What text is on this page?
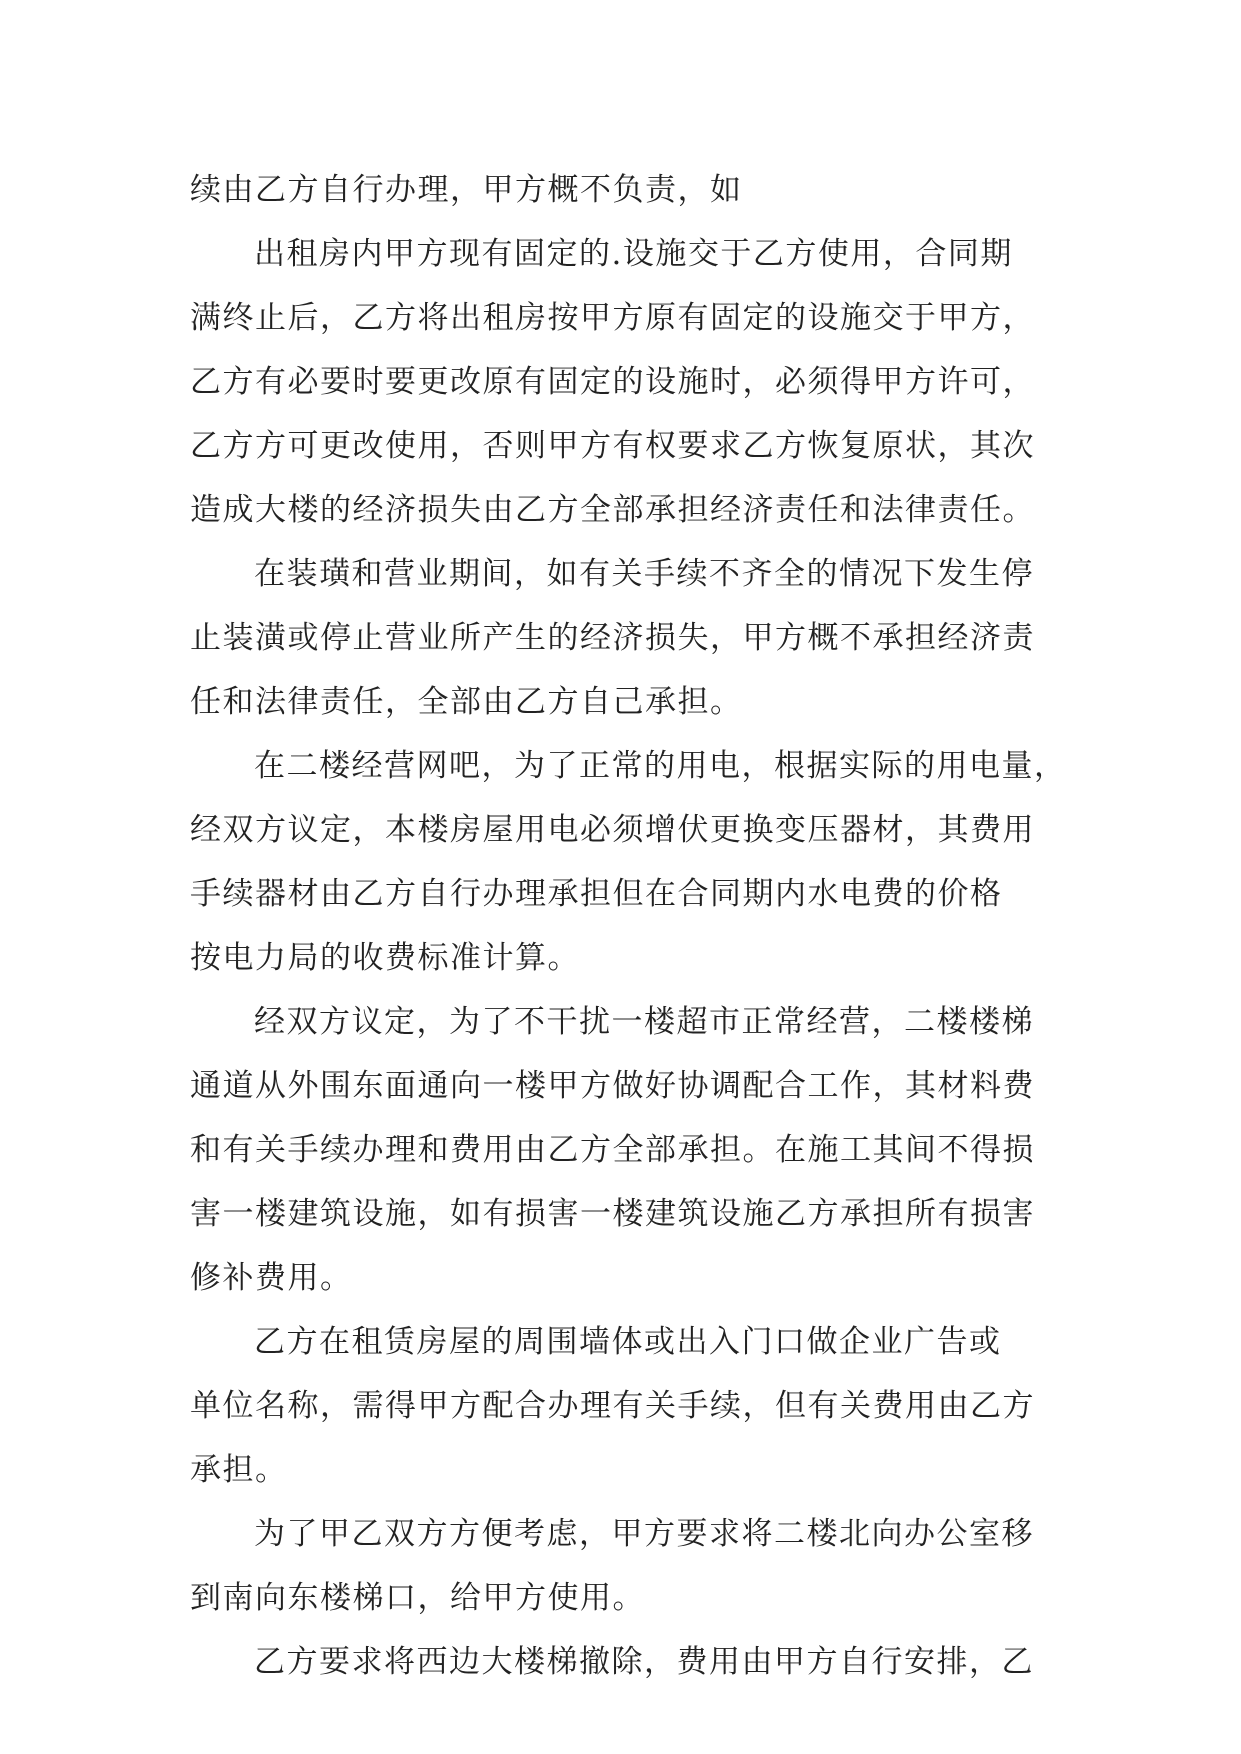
续由乙方自行办理，甲方概不负责，如
出租房内甲方现有固定的.设施交于乙方使用，合同期
满终止后，乙方将出租房按甲方原有固定的设施交于甲方，
乙方有必要时要更改原有固定的设施时，必须得甲方许可，
乙方方可更改使用，否则甲方有权要求乙方恢复原状，其次
造成大楼的经济损失由乙方全部承担经济责任和法律责任。
在装璜和营业期间，如有关手续不齐全的情况下发生停
止装潢或停止营业所产生的经济损失，甲方概不承担经济责
任和法律责任，全部由乙方自己承担。
在二楼经营网吧，为了正常的用电，根据实际的用电量，
经双方议定，本楼房屋用电必须增伏更换变压器材，其费用
手续器材由乙方自行办理承担但在合同期内水电费的价格
按电力局的收费标准计算。
经双方议定，为了不干扰一楼超市正常经营，二楼楼梯
通道从外围东面通向一楼甲方做好协调配合工作，其材料费
和有关手续办理和费用由乙方全部承担。在施工其间不得损
害一楼建筑设施，如有损害一楼建筑设施乙方承担所有损害
修补费用。
乙方在租赁房屋的周围墙体或出入门口做企业广告或
单位名称，需得甲方配合办理有关手续，但有关费用由乙方
承担。
为了甲乙双方方便考虑，甲方要求将二楼北向办公室移
到南向东楼梯口，给甲方使用。
乙方要求将西边大楼梯撤除，费用由甲方自行安排，乙
